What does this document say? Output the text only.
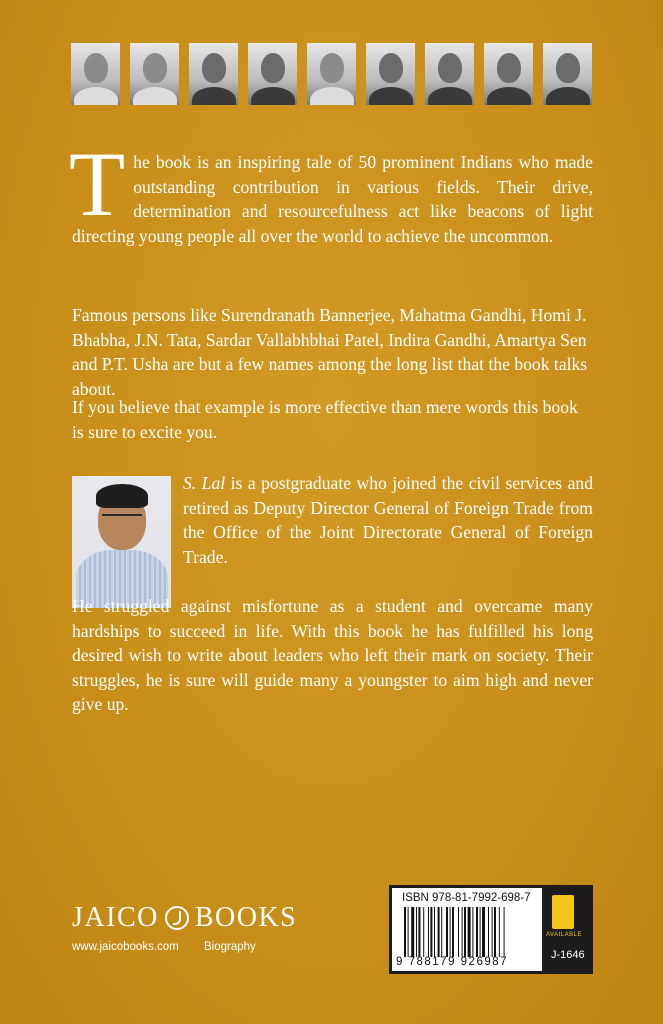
The book is an inspiring tale of 50 prominent Indians who made outstanding contribution in various fields. Their drive, determination and resourcefulness act like beacons of light directing young people all over the world to achieve the uncommon.
Famous persons like Surendranath Bannerjee, Mahatma Gandhi, Homi J. Bhabha, J.N. Tata, Sardar Vallabhbhai Patel, Indira Gandhi, Amartya Sen and P.T. Usha are but a few names among the long list that the book talks about.
If you believe that example is more effective than mere words this book is sure to excite you.
S. Lal is a postgraduate who joined the civil services and retired as Deputy Director General of Foreign Trade from the Office of the Joint Directorate General of Foreign Trade.
He struggled against misfortune as a student and overcame many hardships to succeed in life. With this book he has fulfilled his long desired wish to write about leaders who left their mark on society. Their struggles, he is sure will guide many a youngster to aim high and never give up.
JAICO BOOKS
www.jaicobooks.com	Biography
ISBN 978-81-7992-698-7
9 788179 926987
AVAILABLE
J-1646
